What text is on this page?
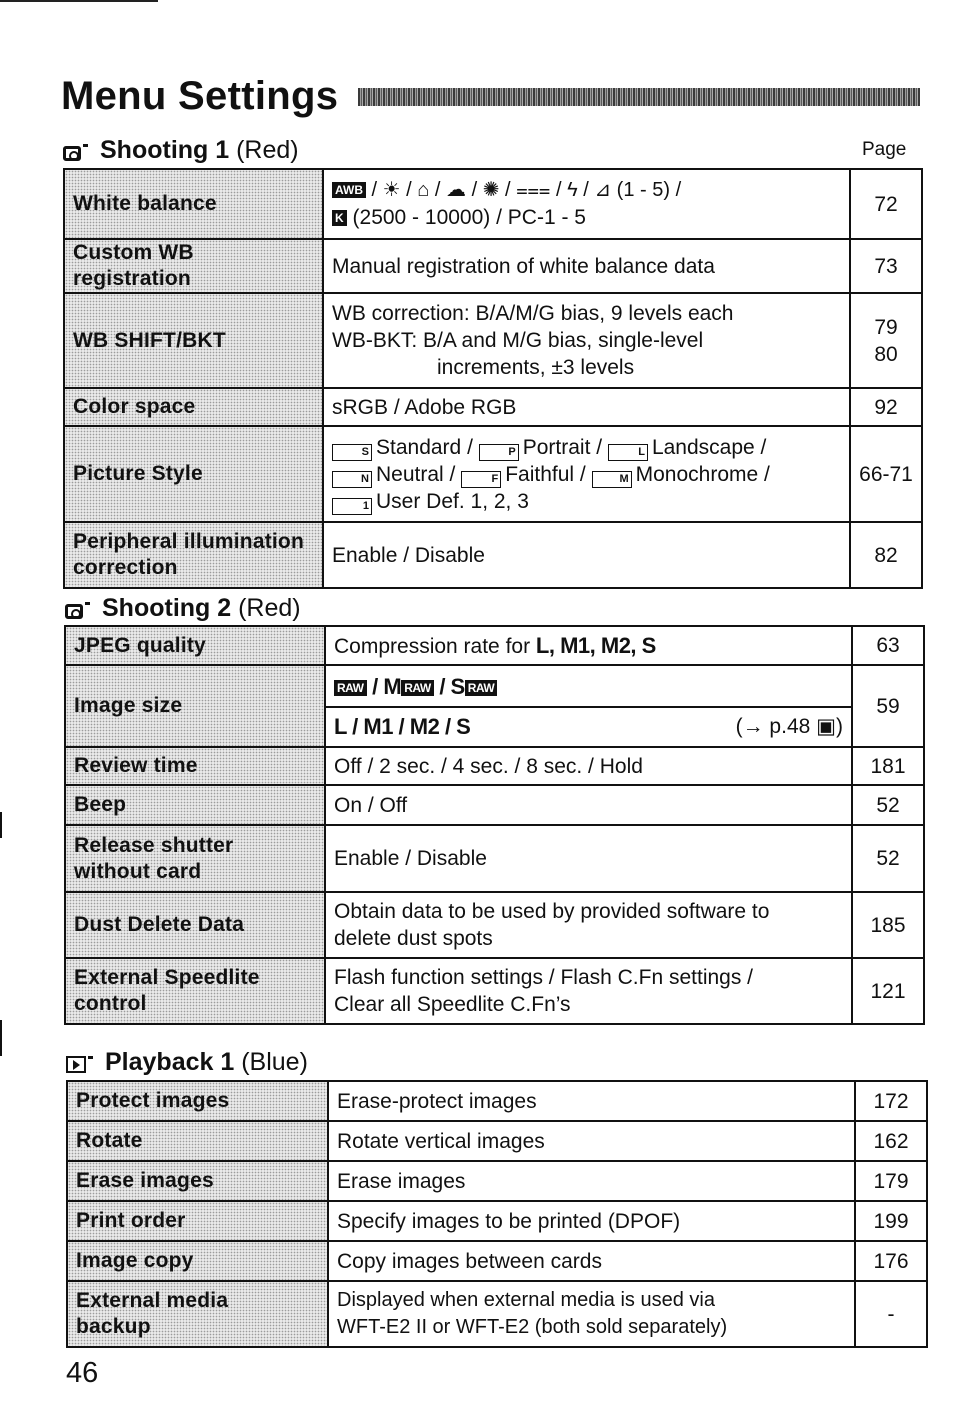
Menu Settings
Shooting 1 (Red)	Page
White balance	AWB / ☀ / ⌂ / ☁ / ✺ / ⩶ / ϟ / ⊿ (1 - 5) /
K (2500 - 10000) / PC-1 - 5	72
Custom WB registration	Manual registration of white balance data	73
WB SHIFT/BKT	WB correction: B/A/M/G bias, 9 levels each
WB-BKT: B/A and M/G bias, single-level
increments, ±3 levels	79
80

Color space	sRGB / Adobe RGB	92
Picture Style	S Standard / P Portrait / L Landscape /
N Neutral / F Faithful / M Monochrome /
1 User Def. 1, 2, 3	66-71

Peripheral illumination
correction	Enable / Disable	82
Shooting 2 (Red)
JPEG quality	Compression rate for L, M1, M2, S	63
Image size	RAW / M RAW / S RAW
L / M1 / M2 / S (→ p.48 ▣)	59
Review time	Off / 2 sec. / 4 sec. / 8 sec. / Hold	181
Beep	On / Off	52

Release shutter
without card	Enable / Disable	52
Dust Delete Data	Obtain data to be used by provided software to
delete dust spots	185

External Speedlite
control	Flash function settings / Flash C.Fn settings /
Clear all Speedlite C.Fn’s	121
Playback 1 (Blue)
Protect images	Erase-protect images	172
Rotate	Rotate vertical images	162
Erase images	Erase images	179
Print order	Specify images to be printed (DPOF)	199
Image copy	Copy images between cards	176

External media
backup	Displayed when external media is used via
WFT-E2 II or WFT-E2 (both sold separately)	-
46
